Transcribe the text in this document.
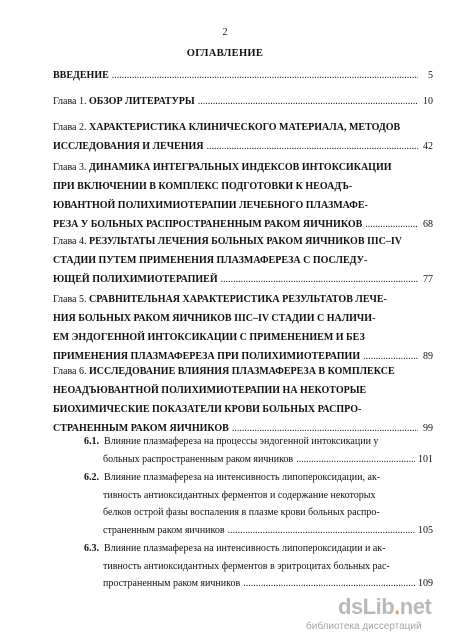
2
ОГЛАВЛЕНИЕ
ВВЕДЕНИЕ .....	5
Глава 1.
ОБЗОР ЛИТЕРАТУРЫ .....	10
Глава 2. ХАРАКТЕРИСТИКА КЛИНИЧЕСКОГО МАТЕРИАЛА, МЕТОДОВ
ИССЛЕДОВАНИЯ И ЛЕЧЕНИЯ .....	42
Глава 3.
ДИНАМИКА ИНТЕГРАЛЬНЫХ ИНДЕКСОВ ИНТОКСИКАЦИИ
ПРИ ВКЛЮЧЕНИИ В КОМПЛЕКС ПОДГОТОВКИ К НЕОАДЪ-
ЮВАНТНОЙ ПОЛИХИМИОТЕРАПИИ ЛЕЧЕБНОГО ПЛАЗМАФЕ-
РЕЗА У БОЛЬНЫХ РАСПРОСТРАНЕННЫМ РАКОМ ЯИЧНИКОВ .....	68
Глава 4.
РЕЗУЛЬТАТЫ ЛЕЧЕНИЯ БОЛЬНЫХ РАКОМ ЯИЧНИКОВ IIIC–IV
СТАДИИ ПУТЕМ ПРИМЕНЕНИЯ ПЛАЗМАФЕРЕЗА С ПОСЛЕДУ-
ЮЩЕЙ ПОЛИХИМИОТЕРАПИЕЙ .....	77
Глава 5.
СРАВНИТЕЛЬНАЯ ХАРАКТЕРИСТИКА РЕЗУЛЬТАТОВ ЛЕЧЕ-
НИЯ БОЛЬНЫХ РАКОМ ЯИЧНИКОВ IIIC–IV СТАДИИ С НАЛИЧИ-
ЕМ ЭНДОГЕННОЙ ИНТОКСИКАЦИИ С ПРИМЕНЕНИЕМ И БЕЗ
ПРИМЕНЕНИЯ ПЛАЗМАФЕРЕЗА ПРИ ПОЛИХИМИОТЕРАПИИ .....	89
Глава 6.
ИССЛЕДОВАНИЕ ВЛИЯНИЯ ПЛАЗМАФЕРЕЗА В КОМПЛЕКСЕ
НЕОАДЪЮВАНТНОЙ ПОЛИХИМИОТЕРАПИИ НА НЕКОТОРЫЕ
БИОХИМИЧЕСКИЕ ПОКАЗАТЕЛИ КРОВИ БОЛЬНЫХ РАСПРО-
СТРАНЕННЫМ РАКОМ ЯИЧНИКОВ .....	99
6.1.
Влияние плазмафереза на процессы эндогенной интоксикации у
больных распространенным раком яичников .....	101
6.2.
Влияние плазмафереза на интенсивность липопероксидации, ак-
тивность антиоксидантных ферментов и содержание некоторых
белков острой фазы воспаления в плазме крови больных распро-
страненным раком яичников .....	105
6.3.
Влияние плазмафереза на интенсивность липопероксидации и ак-
тивность антиоксидантных ферментов в эритроцитах больных рас-
пространенным раком яичников .....	109
dsLib.net
библиотека диссертаций
